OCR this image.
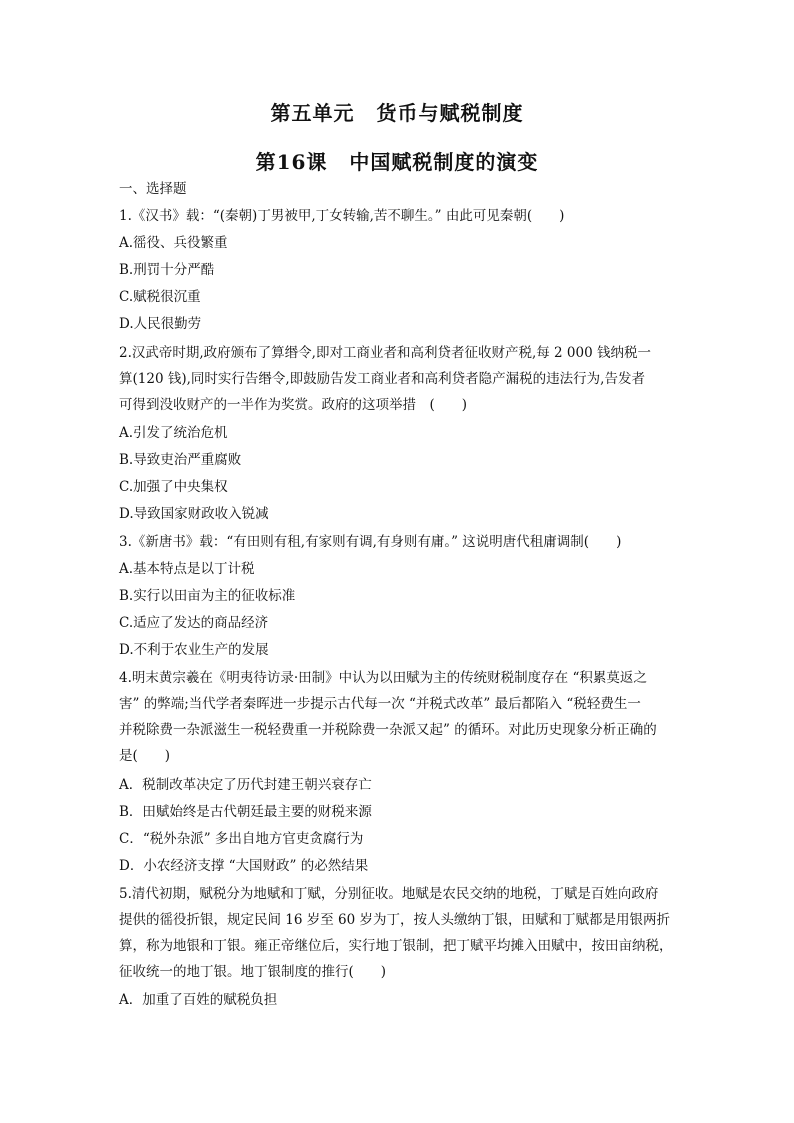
第五单元 货币与赋税制度
第16课 中国赋税制度的演变
一、选择题
1.《汉书》载：“(秦朝)丁男被甲,丁女转输,苦不聊生。” 由此可见秦朝(　　)
A.徭役、兵役繁重
B.刑罚十分严酷
C.赋税很沉重
D.人民很勤劳
2.汉武帝时期,政府颁布了算缗令,即对工商业者和高利贷者征收财产税,每 2 000 钱纳税一
算(120 钱),同时实行告缗令,即鼓励告发工商业者和高利贷者隐产漏税的违法行为,告发者
可得到没收财产的一半作为奖赏。政府的这项举措　(　　)
A.引发了统治危机
B.导致吏治严重腐败
C.加强了中央集权
D.导致国家财政收入锐减
3.《新唐书》载：“有田则有租,有家则有调,有身则有庸。” 这说明唐代租庸调制(　　)
A.基本特点是以丁计税
B.实行以田亩为主的征收标准
C.适应了发达的商品经济
D.不利于农业生产的发展
4.明末黄宗羲在《明夷待访录·田制》中认为以田赋为主的传统财税制度存在 “积累莫返之
害” 的弊端;当代学者秦晖进一步提示古代每一次 “并税式改革” 最后都陷入 “税轻费生一
并税除费一杂派滋生一税轻费重一并税除费一杂派又起” 的循环。对此历史现象分析正确的
是(　　)
A．税制改革决定了历代封建王朝兴衰存亡
B．田赋始终是古代朝廷最主要的财税来源
C．“税外杂派” 多出自地方官吏贪腐行为
D．小农经济支撑 “大国财政” 的必然结果
5.清代初期，赋税分为地赋和丁赋，分别征收。地赋是农民交纳的地税，丁赋是百姓向政府
提供的徭役折银，规定民间 16 岁至 60 岁为丁，按人头缴纳丁银，田赋和丁赋都是用银两折
算，称为地银和丁银。雍正帝继位后，实行地丁银制，把丁赋平均摊入田赋中，按田亩纳税，
征收统一的地丁银。地丁银制度的推行(　　)
A．加重了百姓的赋税负担
